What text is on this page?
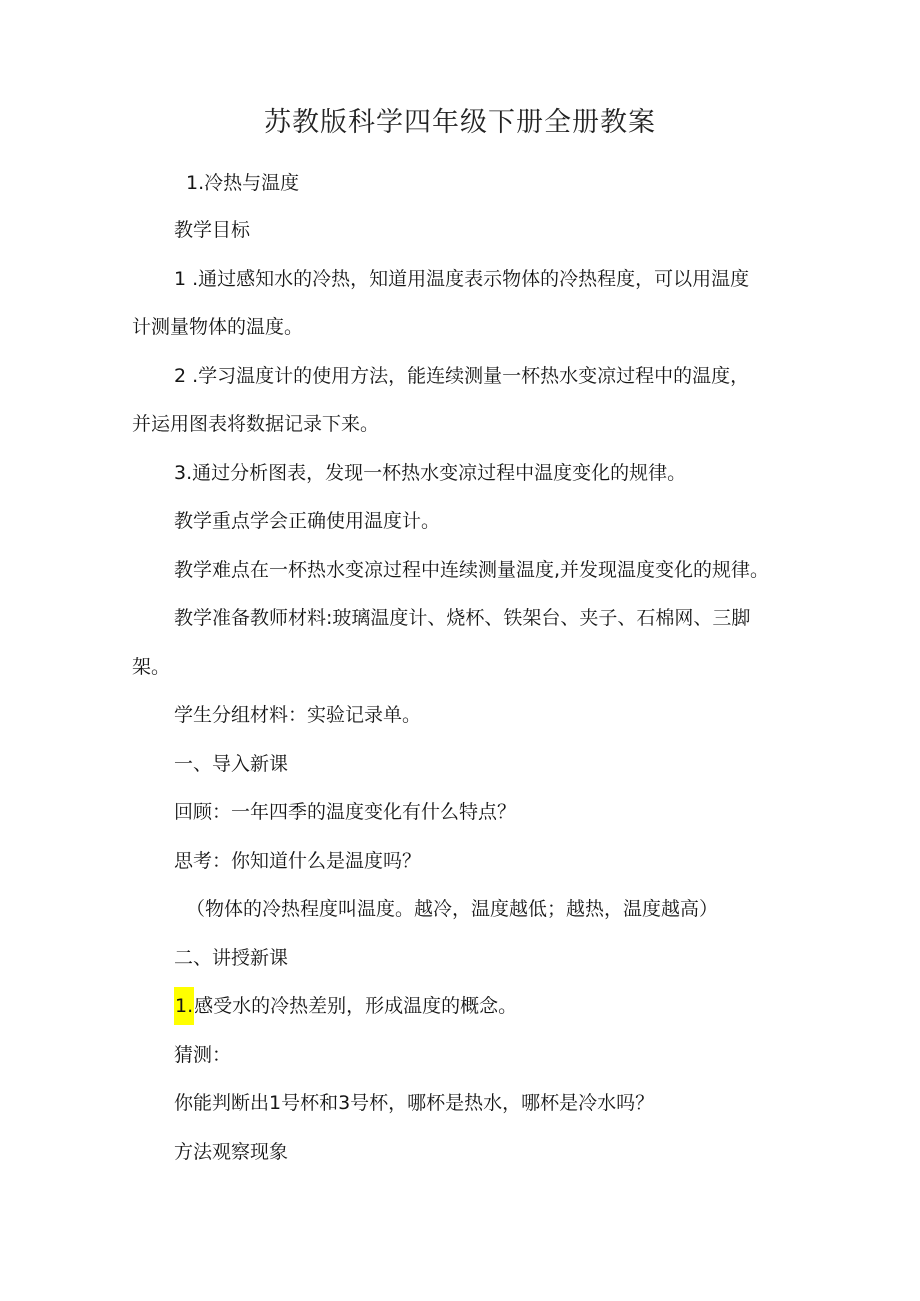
苏教版科学四年级下册全册教案
1.冷热与温度
教学目标
1 .通过感知水的冷热，知道用温度表示物体的冷热程度，可以用温度
计测量物体的温度。
2 .学习温度计的使用方法，能连续测量一杯热水变凉过程中的温度，
并运用图表将数据记录下来。
3.通过分析图表，发现一杯热水变凉过程中温度变化的规律。
教学重点学会正确使用温度计。
教学难点在一杯热水变凉过程中连续测量温度,并发现温度变化的规律。
教学准备教师材料:玻璃温度计、烧杯、铁架台、夹子、石棉网、三脚
架。
学生分组材料：实验记录单。
一、导入新课
回顾：一年四季的温度变化有什么特点？
思考：你知道什么是温度吗？
（物体的冷热程度叫温度。越冷，温度越低；越热，温度越高）
二、讲授新课
1.感受水的冷热差别，形成温度的概念。
猜测：
你能判断出1号杯和3号杯，哪杯是热水，哪杯是冷水吗？
方法观察现象
